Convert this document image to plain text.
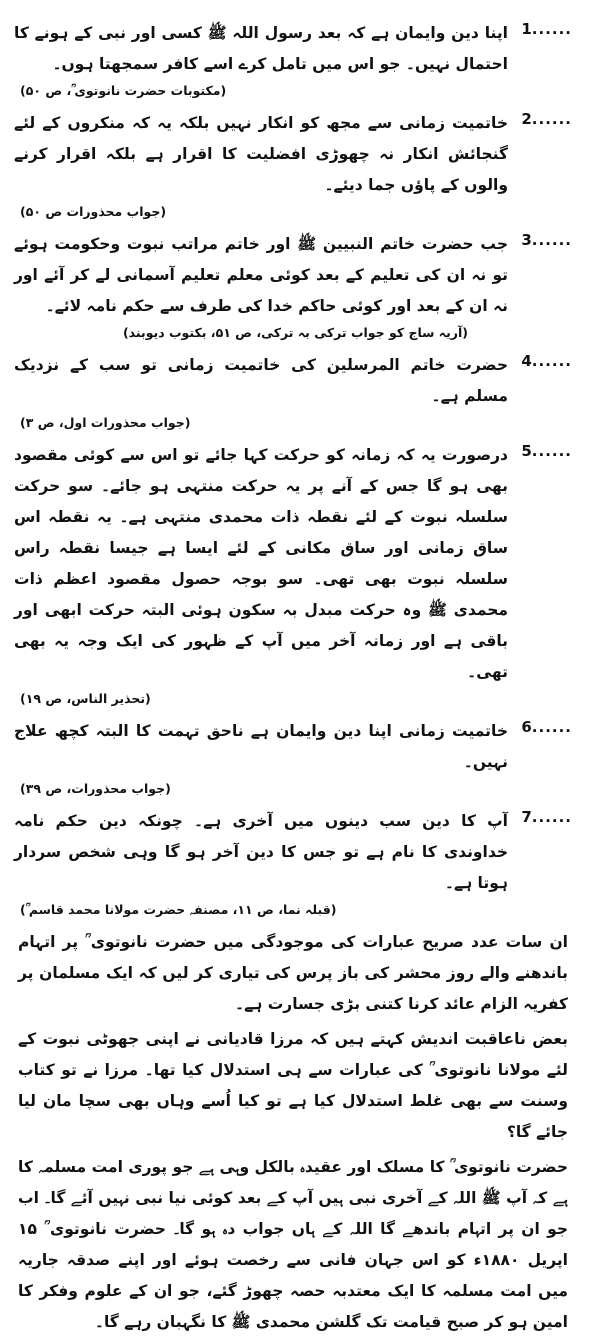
1......
اپنا دین وایمان ہے کہ بعد رسول اللہ ﷺ کسی اور نبی کے ہونے کا احتمال نہیں۔ جو اس میں تامل کرے اسے کافر سمجھتا ہوں۔
(مکتوبات حضرت نانوتوی ؒ، ص ۵۰)
2......
خاتمیت زمانی سے مجھ کو انکار نہیں بلکہ یہ کہ منکروں کے لئے گنجائش انکار نہ چھوڑی افضلیت کا اقرار ہے بلکہ اقرار کرنے والوں کے پاؤں جما دیئے۔
(جواب محذورات ص ۵۰)
3......
جب حضرت خاتم النبیین ﷺ اور خاتم مراتب نبوت وحکومت ہوئے تو نہ ان کی تعلیم کے بعد کوئی معلم تعلیم آسمانی لے کر آئے اور نہ ان کے بعد اور کوئی حاکم خدا کی طرف سے حکم نامہ لائے۔
(آریہ ساج کو جواب ترکی بہ ترکی، ص ۵۱، بکتوب دیوبند)
4......
حضرت خاتم المرسلین کی خاتمیت زمانی تو سب کے نزدیک مسلم ہے۔
(جواب محذورات اول، ص ۳)
5......
درصورت یہ کہ زمانہ کو حرکت کہا جائے تو اس سے کوئی مقصود بھی ہو گا جس کے آنے پر یہ حرکت منتہی ہو جائے۔ سو حرکت سلسلہ نبوت کے لئے نقطہ ذات محمدی منتہی ہے۔ یہ نقطہ اس ساق زمانی اور ساق مکانی کے لئے ایسا ہے جیسا نقطہ راس سلسلہ نبوت بھی تھی۔ سو بوجہ حصول مقصود اعظم ذات محمدی ﷺ وہ حرکت مبدل بہ سکون ہوئی البتہ حرکت ابھی اور باقی ہے اور زمانہ آخر میں آپ کے ظہور کی ایک وجہ یہ بھی تھی۔
(تحذیر الناس، ص ۱۹)
6......
خاتمیت زمانی اپنا دین وایمان ہے ناحق تہمت کا البتہ کچھ علاج نہیں۔
(جواب محذورات، ص ۳۹)
7......
آپ کا دین سب دینوں میں آخری ہے۔ چونکہ دین حکم نامہ خداوندی کا نام ہے تو جس کا دین آخر ہو گا وہی شخص سردار ہوتا ہے۔
(قبلہ نما، ص ۱۱، مصنفہ حضرت مولانا محمد قاسم ؒ)
ان سات عدد صریح عبارات کی موجودگی میں حضرت نانوتوی ؒ پر اتہام باندھنے والے روز محشر کی باز پرس کی تیاری کر لیں کہ ایک مسلمان پر کفریہ الزام عائد کرنا کتنی بڑی جسارت ہے۔
بعض ناعاقبت اندیش کہتے ہیں کہ مرزا قادیانی نے اپنی جھوٹی نبوت کے لئے مولانا نانوتوی ؒ کی عبارات سے ہی استدلال کیا تھا۔ مرزا نے تو کتاب وسنت سے بھی غلط استدلال کیا ہے تو کیا اُسے وہاں بھی سچا مان لیا جائے گا؟
حضرت نانوتوی ؒ کا مسلک اور عقیدہ بالکل وہی ہے جو پوری امت مسلمہ کا ہے کہ آپ ﷺ اللہ کے آخری نبی ہیں آپ کے بعد کوئی نیا نبی نہیں آئے گا۔ اب جو ان پر اتہام باندھے گا اللہ کے ہاں جواب دہ ہو گا۔ حضرت نانوتوی ؒ ۱۵ اپریل ۱۸۸۰ء کو اس جہان فانی سے رخصت ہوئے اور اپنے صدقہ جاریہ میں امت مسلمہ کا ایک معتدبہ حصہ چھوڑ گئے، جو ان کے علوم وفکر کا امین ہو کر صبح قیامت تک گلشن محمدی ﷺ کا نگہبان رہے گا۔
